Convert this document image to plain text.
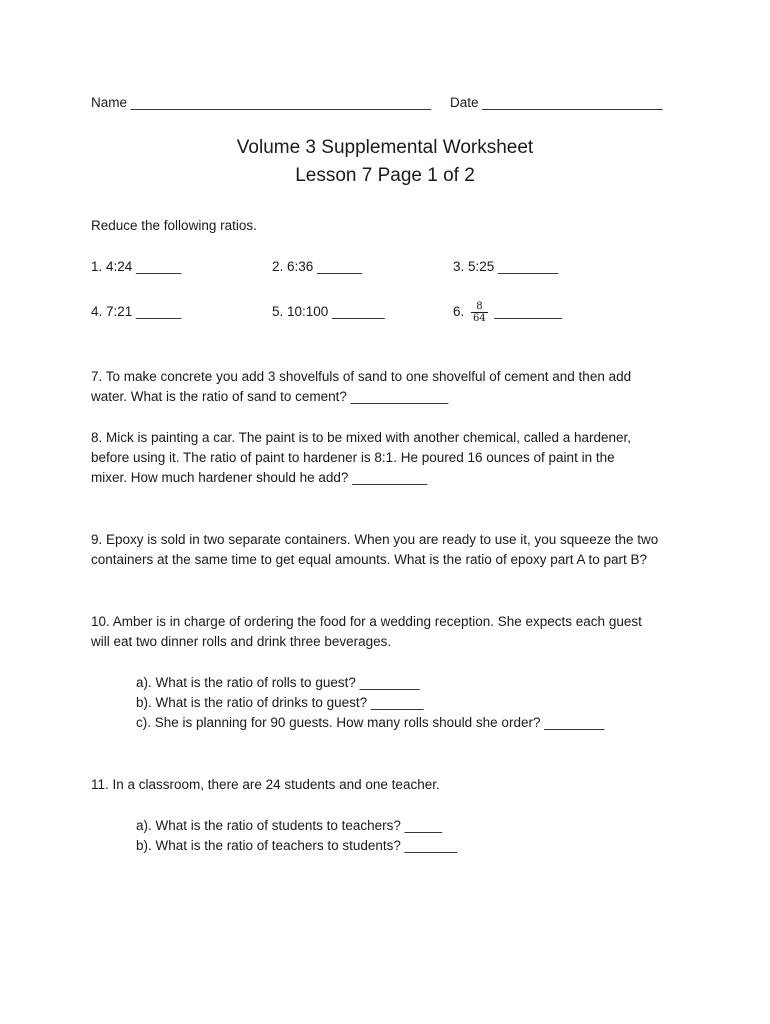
Name ________________________________________ Date ________________________
Volume 3 Supplemental Worksheet
Lesson 7 Page 1 of 2
Reduce the following ratios.
1. 4:24 ______	2. 6:36 ______	3. 5:25 ________
4. 7:21 ______	5. 10:100 _______	6. $\frac{8}{64}$ _________
7. To make concrete you add 3 shovelfuls of sand to one shovelful of cement and then add
water. What is the ratio of sand to cement? _____________
8. Mick is painting a car. The paint is to be mixed with another chemical, called a hardener,
before using it. The ratio of paint to hardener is 8:1. He poured 16 ounces of paint in the
mixer. How much hardener should he add? __________
9. Epoxy is sold in two separate containers. When you are ready to use it, you squeeze the two
containers at the same time to get equal amounts. What is the ratio of epoxy part A to part B?
10. Amber is in charge of ordering the food for a wedding reception. She expects each guest
will eat two dinner rolls and drink three beverages.
a). What is the ratio of rolls to guest? ________
b). What is the ratio of drinks to guest? _______
c). She is planning for 90 guests. How many rolls should she order? ________
11. In a classroom, there are 24 students and one teacher.
a). What is the ratio of students to teachers? _____
b). What is the ratio of teachers to students? _______
